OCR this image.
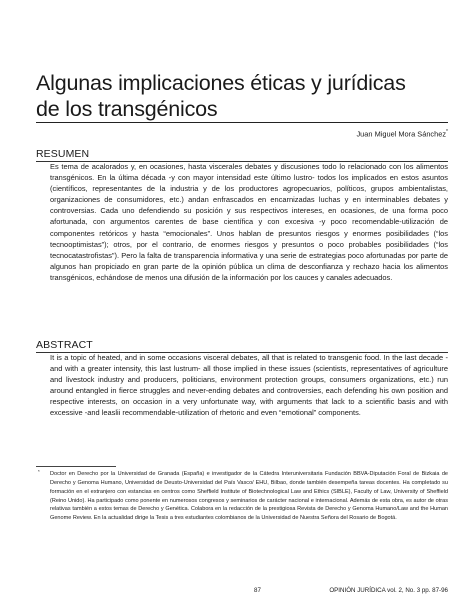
Algunas implicaciones éticas y jurídicas
de los transgénicos
Juan Miguel Mora Sánchez*
RESUMEN

Es tema de acalorados y, en ocasiones, hasta viscerales debates y discusiones todo lo relacionado con los alimentos transgénicos. En la última década -y con mayor intensidad este último lustro- todos los implicados en estos asuntos (científicos, representantes de la industria y de los productores agropecuarios, políticos, grupos ambientalistas, organizaciones de consumidores, etc.) andan enfrascados en encarnizadas luchas y en interminables debates y controversias. Cada uno defendiendo su posición y sus respectivos intereses, en ocasiones, de una forma poco afortunada, con argumentos carentes de base científica y con excesiva -y poco recomendable-utilización de componentes retóricos y hasta “emocionales”. Unos hablan de presuntos riesgos y enormes posibilidades (“los tecnooptimistas”); otros, por el contrario, de enormes riesgos y presuntos o poco probables posibilidades (“los tecnocatastrofistas”). Pero la falta de transparencia informativa y una serie de estrategias poco afortunadas por parte de algunos han propiciado en gran parte de la opinión pública un clima de desconfianza y rechazo hacia los alimentos transgénicos, echándose de menos una difusión de la información por los cauces y canales adecuados.

ABSTRACT

It is a topic of heated, and in some occasions visceral debates, all that is related to transgenic food. In the last decade - and with a greater intensity, this last lustrum- all those implied in these issues (scientists, representatives of agriculture and livestock industry and producers, politicians, environment protection groups, consumers organizations, etc.) run around entangled in fierce struggles and never-ending debates and controversies, each defending his own position and respective interests, on occasion in a very unfortunate way, with arguments that lack to a scientific basis and with excessive -and leaslii recommendable-utilization of rhetoric and even “emotional” components.

* Doctor en Derecho por la Universidad de Granada (España) e investigador de la Cátedra Interuniversitaria Fundación BBVA-Diputación Foral de Bizkaia de Derecho y Genoma Humano, Universidad de Deusto-Universidad del País Vasco/ EHU, Bilbao, donde también desempeña tareas docentes. Ha completado su formación en el extranjero con estancias en centros como Sheffield Institute of Biotechnological Law and Ethics (SIBLE), Faculty of Law, University of Sheffield (Reino Unido). Ha participado como ponente en numerosos congresos y seminarios de carácter nacional e internacional. Además de esta obra, es autor de otras relativas también a estos temas de Derecho y Genética. Colabora en la redacción de la prestigiosa Revista de Derecho y Genoma Humano/Law and the Human Genome Review. En la actualidad dirige la Tesis a tres estudiantes colombianos de la Universidad de Nuestra Señora del Rosario de Bogotá.

87	OPINIÓN JURÍDICA vol. 2, No. 3 pp. 87-96
